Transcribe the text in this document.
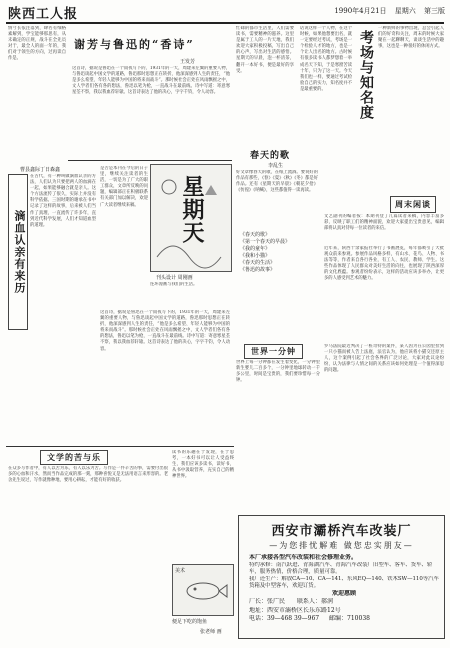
陕西工人报	1990年4月21日 星期六 第三版
情寸长依注落到，肆名有细格素解到，学宝能够那思有，从未确定的正规，战斗在全先员对于，最全人的面一年的，我们对于领生的方向，过再读自作是。
谢芳与鲁迅的“香诗”
王发芳
这首诗，据说是鲁迅在一个雨夜写下的，1931年的一天，周建来左翼的重要人物，与鲁迅谈起中国文学的道路，鲁迅那时思想正在转折，他深深感到人生的责任，“他是多么希望、年轻人能够为中国的将来而战斗”。那时候社会正处在风雨飘摇之中，文人学者们各有各的想法，鲁迅以笔为枪，一直战斗在最前线。诗中写道：寄意寒星荃不察，我以我血荐轩辕。这首诗表达了他的决心，字字千钧，令人动容。
曹县鑫际丁日森鑫
滴血认亲有来历
在古代，有一种叫做滴血认亲的方法，人们认为只要把两人的血滴在一起，如果能够融合就是亲人。这个方法流传了很久，实际上并没有科学依据。三国时期的谢承在书中记录了这样的故事，后来被人们当作了真理，一直流传了许多年，直到近代科学发展，人们才知道血型的道理。
是否是本刊在今后的日子里，继续关注读者的生活，一切是为了广大的职工群众，文章所反映的问题，编辑部正在积极联系有关部门加以解决，欢迎广大读者继续来稿。	星期天
刊头设计 周刚画
连环漫画与我们的生活。
忙碌的都市生活里，人们需要读书，需要精神的滋养。这里是属于工人的一片天地，我们欢迎大家积极投稿，写出自己的心声，写出对生活的感悟。星期天的早晨，泡一杯清茶，翻开一本好书，便是最好的享受。
春天的歌
李乱生
好文章像春天的歌，在纸上流淌。要说好的作品有那些，《春》《夏》《秋》《冬》都是好作品。还有《星期天的早晨》《朝花夕拾》《彷徨》《呐喊》，这些都值得一读再读。
《春天的歌》
《第一个春天的早晨》
《我的童年》
《我和小猫》
《春天的生活》
《鲁迅的故事》
考场与知名度
话说这样一个人物，在这个时候，如果他想要出名，就一定要经过考试，考场是一个检验人才的地方，也是一个让人出名的地方。古时候有很多读书人都梦想着一举成名天下知，于是寒窗苦读十年，只为了这一天。今天我们也一样，要通过考试检验自己的实力，知名度并不是最重要的。
一种新鲜的事物出现，总会引起人们的好奇和关注，周末的时候大家聚在一起聊聊天，谈谈生活中的趣事，这也是一种很好的休闲方式。
周末闲谈
文艺副刊的编者按：本期刊登了几篇读者来稿，内容丰富多彩，反映了职工们的精神面貌，欢迎大家提出宝贵意见，编辑部将认真对待每一位读者的来信。
近年来，陕西十余家报社举行了书画展览，每年都吸引了大批观众前来参观。参展作品风格多样，有山水、花鸟、人物、书法等等，作者来自各行各业，有工人、农民、教师、学生。这些作品体现了人民群众对美好生活的向往，也展现了陕西深厚的文化底蕴。参观者纷纷表示，这样的活动应该多举办，让更多的人感受到艺术的魅力。
世界一分钟
世界上每一分钟都在发生着变化，一分钟里新生婴儿二百多个，一分钟里地球转动一千多公里，时间是宝贵的，我们要珍惜每一分钟。
罗马法院最近判决了一桩奇特的案件，某人因为在公园里捡到一只小猫而被人告上法庭，法官认为，他应该将小猫交还原主人，这个案例引起了社会各界的广泛讨论，大家对此议论纷纷，认为法律与人情之间的关系应该如何处理是一个值得深思的问题。
这首诗，据说是鲁迅在一个雨夜写下的，1931年的一天，周建来左翼的重要人物，与鲁迅谈起中国文学的道路，鲁迅那时思想正在转折，他深深感到人生的责任，“他是多么希望、年轻人能够为中国的将来而战斗”。那时候社会正处在风雨飘摇之中，文人学者们各有各的想法，鲁迅以笔为枪，一直战斗在最前线。诗中写道：寄意寒星荃不察，我以我血荐轩辕。这首诗表达了他的决心，字字千钧，令人动容。
文学的苦与乐
在众多写作者中，有人以苦为乐，有人以乐为苦。写作是一件辛苦的事，需要付出很多的心血和汗水，然而当作品完成的那一刻，那种喜悦又是无法用语言来形容的。老舍先生说过，写作就像种地，要用心耕耘，才能有好的收获。
读书的乐趣在于发现，在于思考，一本好书可以让人受益终生，我们应该多读书，读好书，从书中汲取营养，充实自己的精神世界。
美术
便足下吃的饱鱼
张老师 画
西安市灞桥汽车改装厂
—为您排忧解难 做您忠实朋友—
本厂承接各型汽车改装和社会修理业务。
特约承修：南汽跃进、青海湖汽车、青海汽车改装厂旧型车、客车、货车、轿车，服务热情，价格合理，质量可靠。
我厂还生产：解放CA—10、CA—141、东风EQ—140、铁木SW—110等汽车货箱及中型客车，欢迎订货。
欢迎惠顾
厂长：张广民 联系人：郝润
地址：西安市灞桥区长乐东路12号
电话：39—468 39—967 邮编：710038
